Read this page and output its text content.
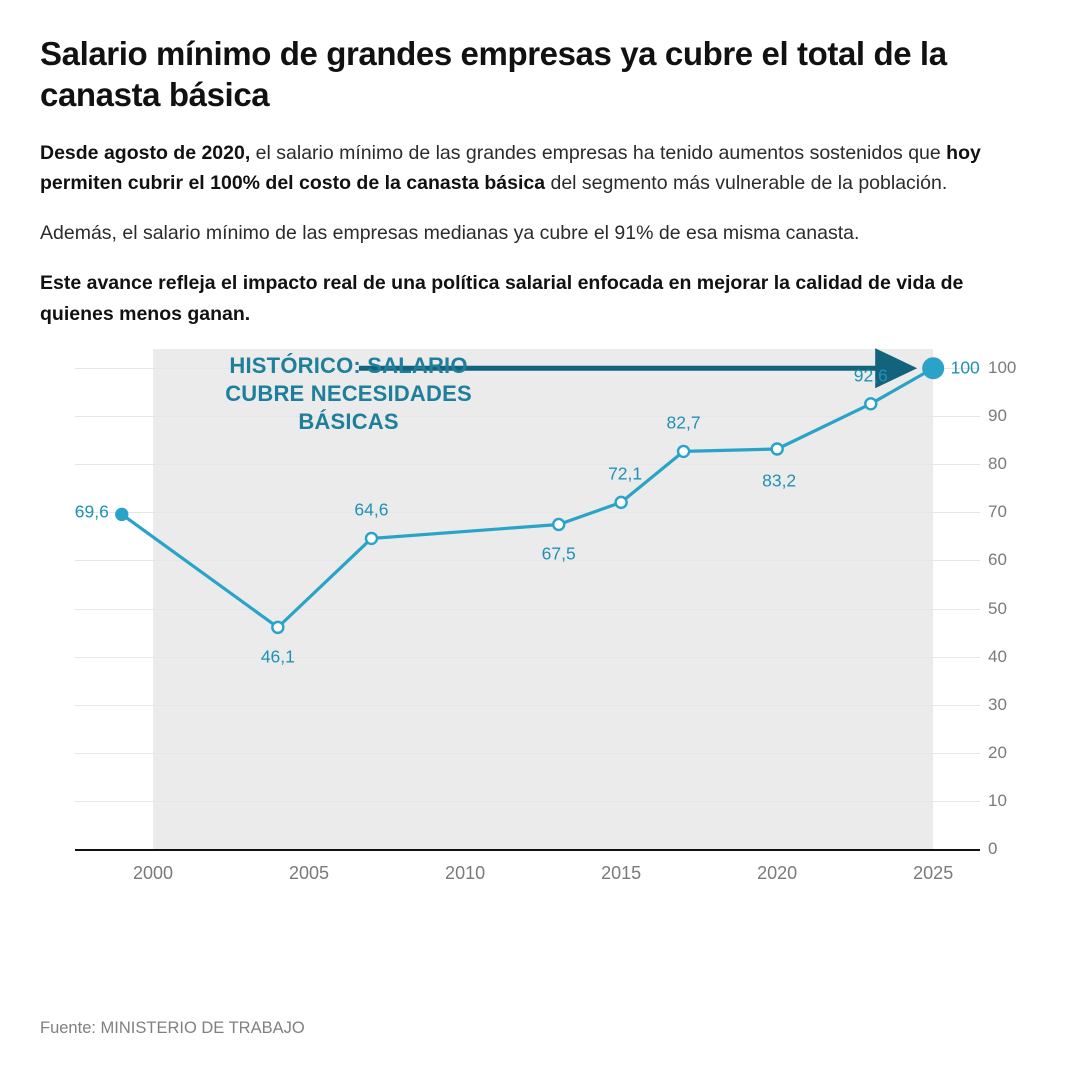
Salario mínimo de grandes empresas ya cubre el total de la canasta básica
Desde agosto de 2020, el salario mínimo de las grandes empresas ha tenido aumentos sostenidos que hoy permiten cubrir el 100% del costo de la canasta básica del segmento más vulnerable de la población.
Además, el salario mínimo de las empresas medianas ya cubre el 91% de esa misma canasta.
Este avance refleja el impacto real de una política salarial enfocada en mejorar la calidad de vida de quienes menos ganan.
0
10
20
30
40
50
60
70
80
90
100
2000	2005	2010	2015	2020	2025
69,6
46,1
64,6
67,5
72,1
82,7
83,2
92,6	100
HISTÓRICO: SALARIO
CUBRE NECESIDADES
BÁSICAS
Fuente: MINISTERIO DE TRABAJO
